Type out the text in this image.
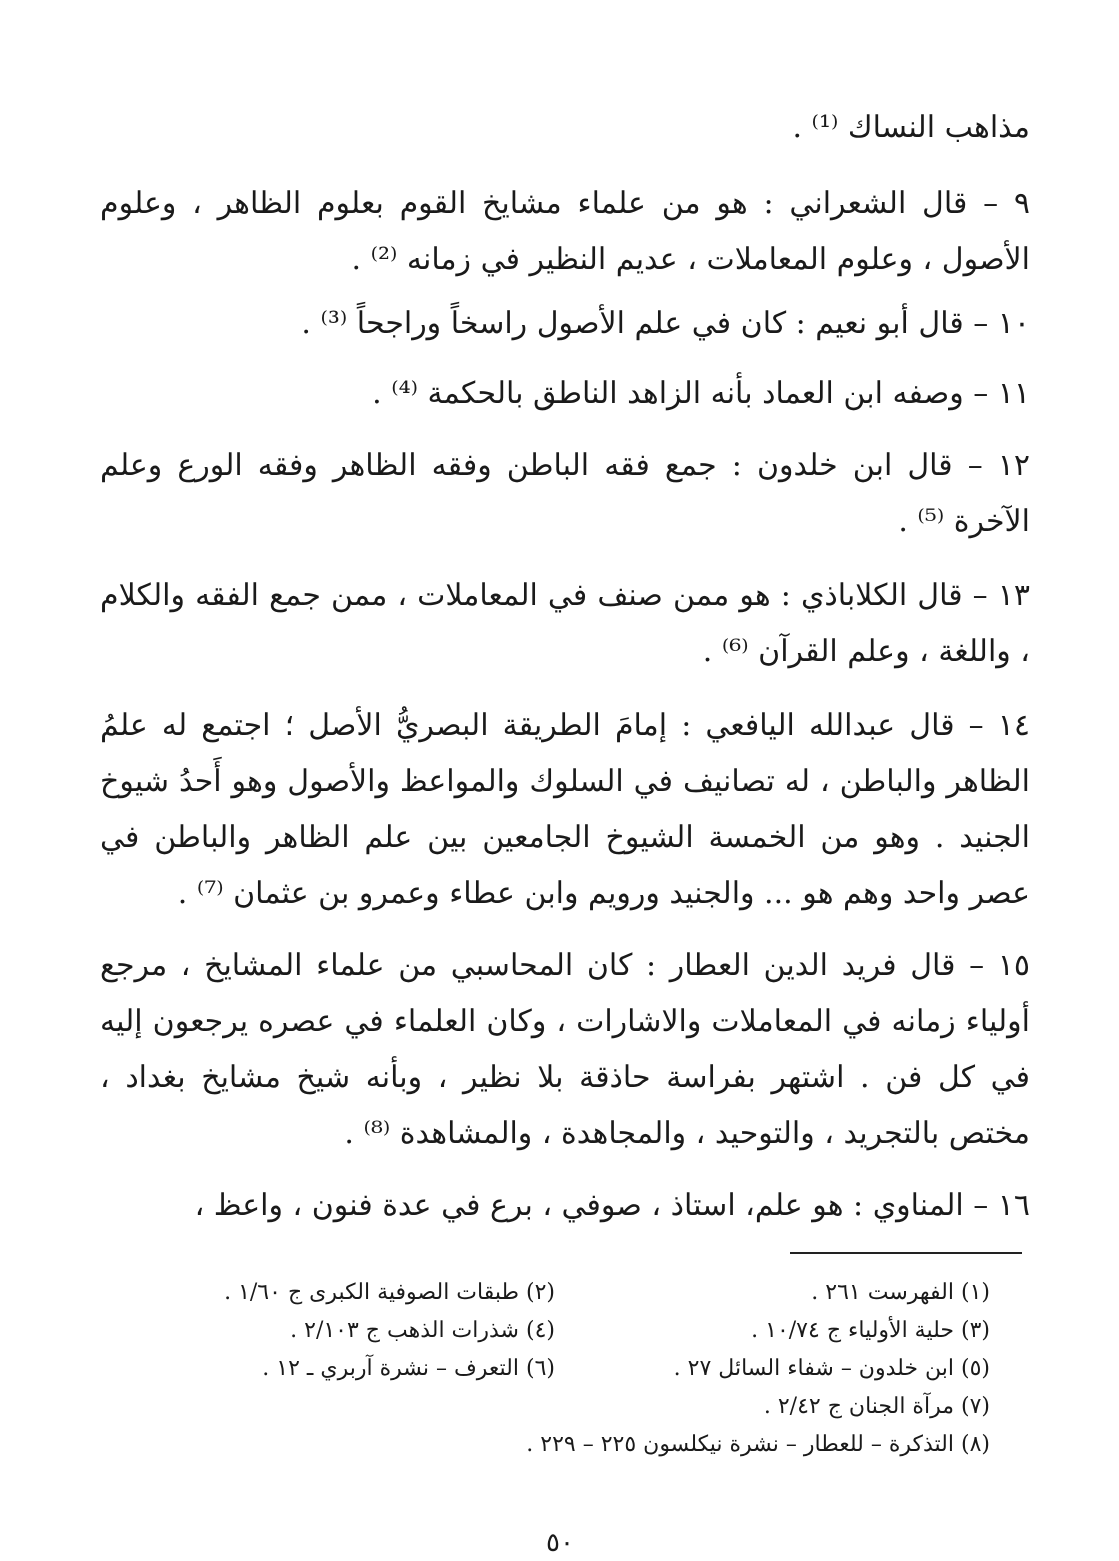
مذاهب النساك ⁽¹⁾ .

٩ – قال الشعراني : هو من علماء مشايخ القوم بعلوم الظاهر ، وعلوم الأصول ، وعلوم المعاملات ، عديم النظير في زمانه ⁽²⁾ .

١٠ – قال أبو نعيم : كان في علم الأصول راسخاً وراجحاً ⁽³⁾ .

١١ – وصفه ابن العماد بأنه الزاهد الناطق بالحكمة ⁽⁴⁾ .

١٢ – قال ابن خلدون : جمع فقه الباطن وفقه الظاهر وفقه الورع وعلم الآخرة ⁽⁵⁾ .

١٣ – قال الكلاباذي : هو ممن صنف في المعاملات ، ممن جمع الفقه والكلام ، واللغة ، وعلم القرآن ⁽⁶⁾ .

١٤ – قال عبدالله اليافعي : إمامَ الطريقة البصريُّ الأصل ؛ اجتمع له علمُ الظاهر والباطن ، له تصانيف في السلوك والمواعظ والأصول وهو أَحدُ شيوخ الجنيد . وهو من الخمسة الشيوخ الجامعين بين علم الظاهر والباطن في عصر واحد وهم هو ... والجنيد ورويم وابن عطاء وعمرو بن عثمان ⁽⁷⁾ .

١٥ – قال فريد الدين العطار : كان المحاسبي من علماء المشايخ ، مرجع أولياء زمانه في المعاملات والاشارات ، وكان العلماء في عصره يرجعون إليه في كل فن . اشتهر بفراسة حاذقة بلا نظير ، وبأنه شيخ مشايخ بغداد ، مختص بالتجريد ، والتوحيد ، والمجاهدة ، والمشاهدة ⁽⁸⁾ .

١٦ – المناوي : هو علم، استاذ ، صوفي ، برع في عدة فنون ، واعظ ،

(١) الفهرست ٢٦١ .
(٢) طبقات الصوفية الكبرى ج ١/٦٠ .
(٣) حلية الأولياء ج ١٠/٧٤ .
(٤) شذرات الذهب ج ٢/١٠٣ .
(٥) ابن خلدون – شفاء السائل ٢٧ .
(٦) التعرف – نشرة آربري ـ ١٢ .
(٧) مرآة الجنان ج ٢/٤٢ .
(٨) التذكرة – للعطار – نشرة نيكلسون ٢٢٥ – ٢٢٩ .
٥٠
